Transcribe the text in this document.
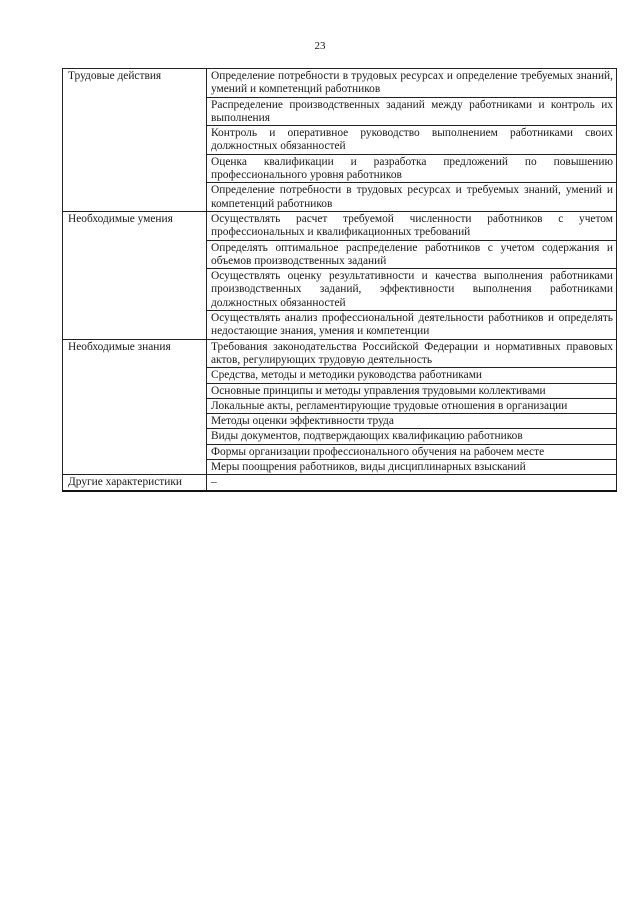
23
Трудовые действия	Определение потребности в трудовых ресурсах и определение требуемых знаний, умений и компетенций работников
	Распределение производственных заданий между работниками и контроль их выполнения
	Контроль и оперативное руководство выполнением работниками своих должностных обязанностей
	Оценка квалификации и разработка предложений по повышению профессионального уровня работников
	Определение потребности в трудовых ресурсах и требуемых знаний, умений и компетенций работников
Необходимые умения	Осуществлять расчет требуемой численности работников с учетом профессиональных и квалификационных требований
	Определять оптимальное распределение работников с учетом содержания и объемов производственных заданий
	Осуществлять оценку результативности и качества выполнения работниками производственных заданий, эффективности выполнения работниками должностных обязанностей
	Осуществлять анализ профессиональной деятельности работников и определять недостающие знания, умения и компетенции
Необходимые знания	Требования законодательства Российской Федерации и нормативных правовых актов, регулирующих трудовую деятельность
	Средства, методы и методики руководства работниками
	Основные принципы и методы управления трудовыми коллективами
	Локальные акты, регламентирующие трудовые отношения в организации
	Методы оценки эффективности труда
	Виды документов, подтверждающих квалификацию работников
	Формы организации профессионального обучения на рабочем месте
	Меры поощрения работников, виды дисциплинарных взысканий
Другие характеристики	–
